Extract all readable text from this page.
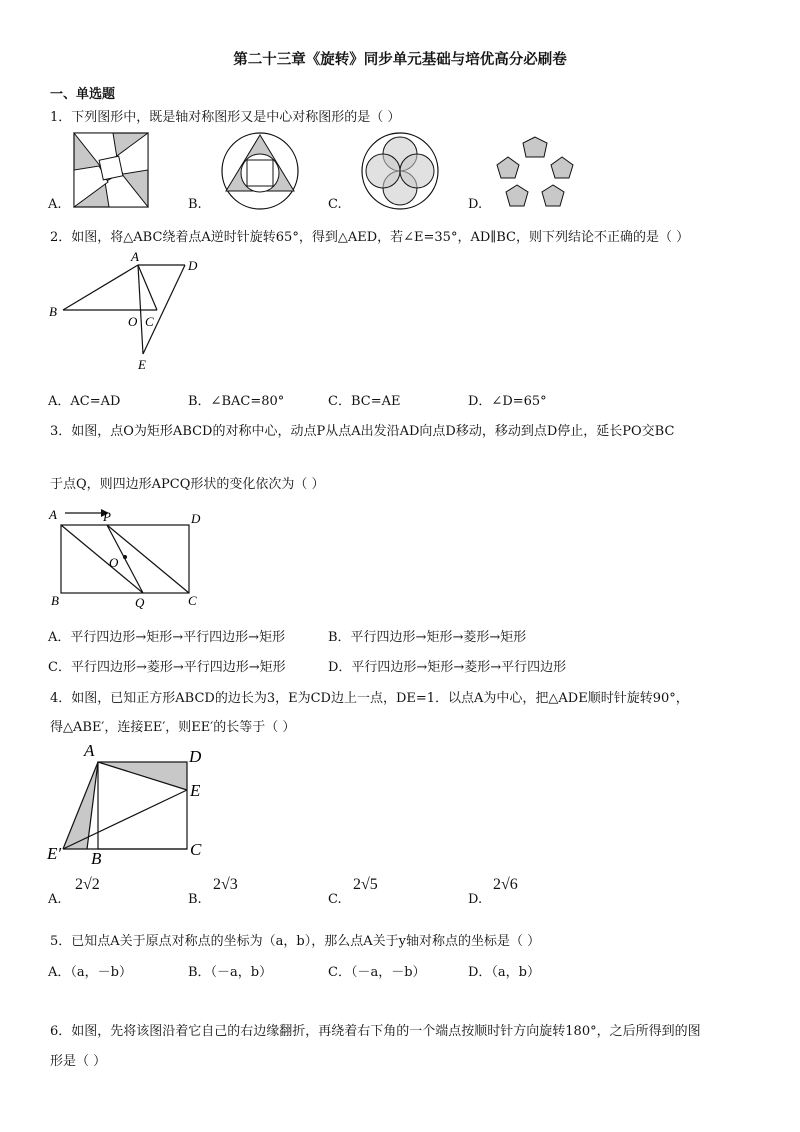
第二十三章《旋转》同步单元基础与培优高分必刷卷
一、单选题
1．下列图形中，既是轴对称图形又是中心对称图形的是（ ）
A.	B.	C.	D.
2．如图，将△ABC绕着点A逆时针旋转65°，得到△AED，若∠E=35°，AD∥BC，则下列结论不正确的是（ ）
A
D
B
O C
E
A．AC=AD	B．∠BAC=80°	C．BC=AE	D．∠D=65°
3．如图，点O为矩形ABCD的对称中心，动点P从点A出发沿AD向点D移动，移动到点D停止，延长PO交BC
于点Q，则四边形APCQ形状的变化依次为（ ）
A	P	D
O
B	Q	C
A．平行四边形→矩形→平行四边形→矩形	B．平行四边形→矩形→菱形→矩形
C．平行四边形→菱形→平行四边形→矩形	D．平行四边形→矩形→菱形→平行四边形
4．如图，已知正方形ABCD的边长为3，E为CD边上一点，DE=1．以点A为中心，把△ADE顺时针旋转90°，
得△ABE′，连接EE′，则EE′的长等于（ ）
A	D
E
E′ B	C
A.
2√2
B.
2√3
C.
2√5
D.
2√6
5．已知点A关于原点对称点的坐标为（a，b），那么点A关于y轴对称点的坐标是（ ）
A．（a，－b）	B．（－a，b）	C．（－a，－b）	D．（a，b）
6．如图，先将该图沿着它自己的右边缘翻折，再绕着右下角的一个端点按顺时针方向旋转180°，之后所得到的图
形是（ ）
